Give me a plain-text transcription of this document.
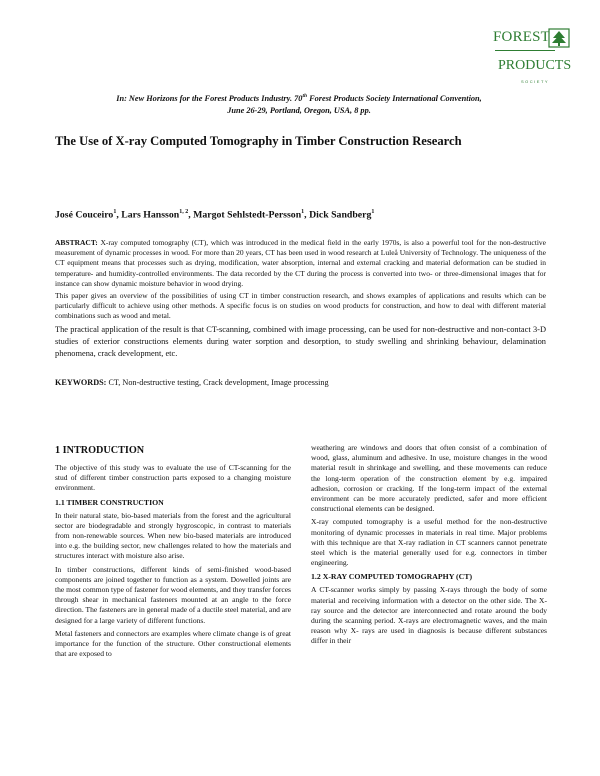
FOREST
PRODUCTS
SOCIETY
In: New Horizons for the Forest Products Industry. 70th Forest Products Society International Convention,
June 26-29, Portland, Oregon, USA, 8 pp.
The Use of X-ray Computed Tomography in Timber Construction Research
José Couceiro$^1$, Lars Hansson$^{1, 2}$, Margot Sehlstedt-Persson$^1$, Dick Sandberg$^1$

ABSTRACT: X-ray computed tomography (CT), which was introduced in the medical field in the early 1970s, is also a powerful tool for the non-destructive measurement of dynamic processes in wood. For more than 20 years, CT has been used in wood research at Luleå University of Technology. The uniqueness of the CT equipment means that processes such as drying, modification, water absorption, internal and external cracking and material deformation can be studied in temperature- and humidity-controlled environments. The data recorded by the CT during the process is converted into two- or three-dimensional images that for instance can show dynamic moisture behavior in wood drying.

This paper gives an overview of the possibilities of using CT in timber construction research, and shows examples of applications and results which can be particularly difficult to achieve using other methods. A specific focus is on studies on wood products for construction, and how to deal with different material combinations such as wood and metal.

The practical application of the result is that CT-scanning, combined with image processing, can be used for non-destructive and non-contact 3-D studies of exterior constructions elements during water sorption and desorption, to study swelling and shrinking behaviour, delamination phenomena, crack development, etc.

KEYWORDS: CT, Non-destructive testing, Crack development, Image processing
1 INTRODUCTION

The objective of this study was to evaluate the use of CT-scanning for the stud of different timber construction parts exposed to a changing moisture environment.

1.1 TIMBER CONSTRUCTION

In their natural state, bio-based materials from the forest and the agricultural sector are biodegradable and strongly hygroscopic, in contrast to materials from non-renewable sources. When new bio-based materials are introduced into e.g. the building sector, new challenges related to how the materials and structures interact with moisture also arise.

In timber constructions, different kinds of semi-finished wood-based components are joined together to function as a system. Dowelled joints are the most common type of fastener for wood elements, and they transfer forces through shear in mechanical fasteners mounted at an angle to the force direction. The fasteners are in general made of a ductile steel material, and are designed for a large variety of different functions.

Metal fasteners and connectors are examples where climate change is of great importance for the function of the structure. Other constructional elements that are exposed to

weathering are windows and doors that often consist of a combination of wood, glass, aluminum and adhesive. In use, moisture changes in the wood material result in shrinkage and swelling, and these movements can reduce the long-term operation of the construction element by e.g. impaired adhesion, corrosion or cracking. If the long-term impact of the external environment can be more accurately predicted, safer and more efficient constructional elements can be designed.

X-ray computed tomography is a useful method for the non-destructive monitoring of dynamic processes in materials in real time. Major problems with this technique are that X-ray radiation in CT scanners cannot penetrate steel which is the material generally used for e.g. connectors in timber engineering.

1.2 X-RAY COMPUTED TOMOGRAPHY (CT)

A CT-scanner works simply by passing X-rays through the body of some material and receiving information with a detector on the other side. The X-ray source and the detector are interconnected and rotate around the body during the scanning period. X-rays are electromagnetic waves, and the main reason why X- rays are used in diagnosis is because different substances differ in their
